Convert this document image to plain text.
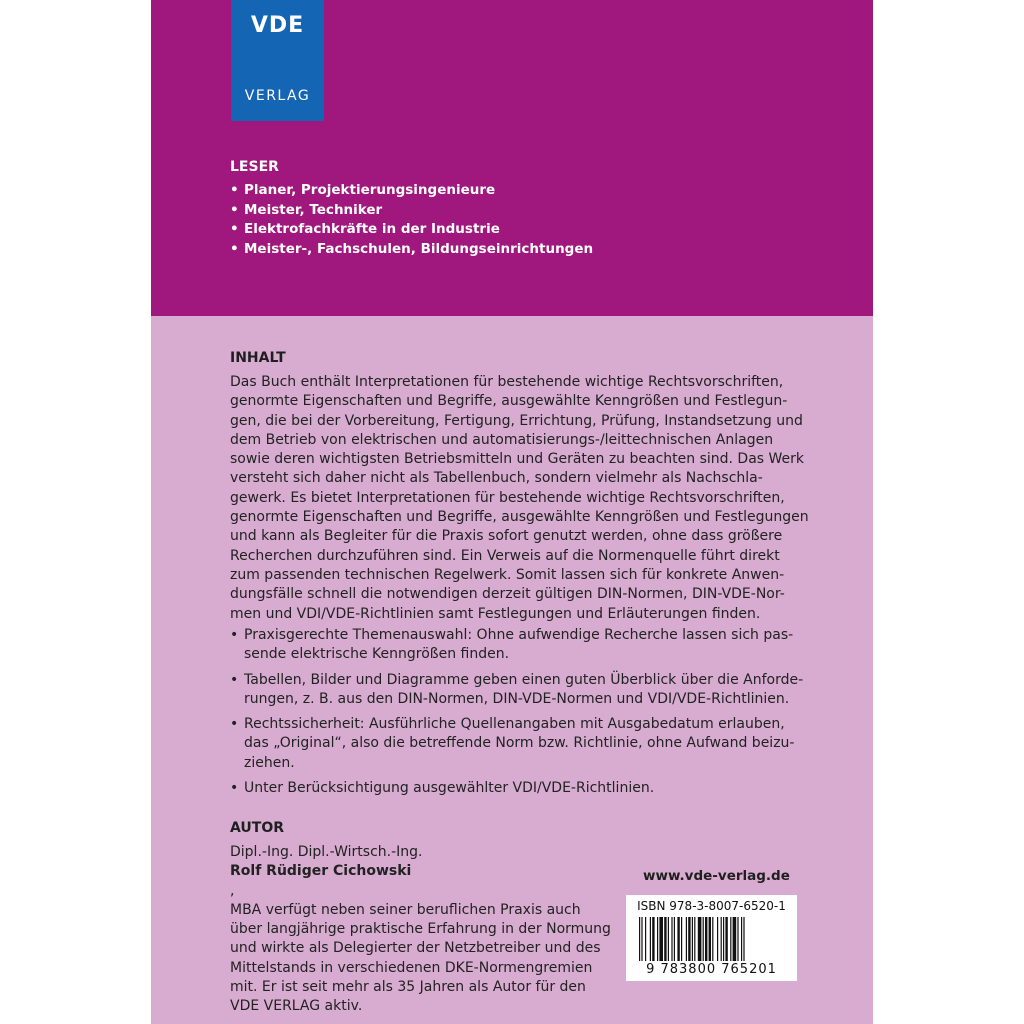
VDE
VERLAG
LESER
• Planer, Projektierungsingenieure
• Meister, Techniker
• Elektrofachkräfte in der Industrie
• Meister-, Fachschulen, Bildungseinrichtungen
INHALT

Das Buch enthält Interpretationen für bestehende wichtige Rechtsvorschriften,
genormte Eigenschaften und Begriffe, ausgewählte Kenngrößen und Festlegun-
gen, die bei der Vorbereitung, Fertigung, Errichtung, Prüfung, Instandsetzung und
dem Betrieb von elektrischen und automatisierungs-/leittechnischen Anlagen
sowie deren wichtigsten Betriebsmitteln und Geräten zu beachten sind. Das Werk
versteht sich daher nicht als Tabellenbuch, sondern vielmehr als Nachschla-
gewerk. Es bietet Interpretationen für bestehende wichtige Rechtsvorschriften,
genormte Eigenschaften und Begriffe, ausgewählte Kenngrößen und Festlegungen
und kann als Begleiter für die Praxis sofort genutzt werden, ohne dass größere
Recherchen durchzuführen sind. Ein Verweis auf die Normenquelle führt direkt
zum passenden technischen Regelwerk. Somit lassen sich für konkrete Anwen-
dungsfälle schnell die notwendigen derzeit gültigen DIN-Normen, DIN-VDE-Nor-
men und VDI/VDE-Richtlinien samt Festlegungen und Erläuterungen finden.

• Praxisgerechte Themenauswahl: Ohne aufwendige Recherche lassen sich pas-
sende elektrische Kenngrößen finden.
• Tabellen, Bilder und Diagramme geben einen guten Überblick über die Anforde-
rungen, z. B. aus den DIN-Normen, DIN-VDE-Normen und VDI/VDE-Richtlinien.
• Rechtssicherheit: Ausführliche Quellenangaben mit Ausgabedatum erlauben,
das „Original“, also die betreffende Norm bzw. Richtlinie, ohne Aufwand beizu-
ziehen.
• Unter Berücksichtigung ausgewählter VDI/VDE-Richtlinien.
AUTOR

Dipl.-Ing. Dipl.-Wirtsch.-Ing.
Rolf Rüdiger Cichowski
,
MBA verfügt neben seiner beruflichen Praxis auch
über langjährige praktische Erfahrung in der Normung
und wirkte als Delegierter der Netzbetreiber und des
Mittelstands in verschiedenen DKE-Normengremien
mit. Er ist seit mehr als 35 Jahren als Autor für den
VDE VERLAG aktiv.

www.vde-verlag.de
ISBN 978-3-8007-6520-1
9 783800 765201
